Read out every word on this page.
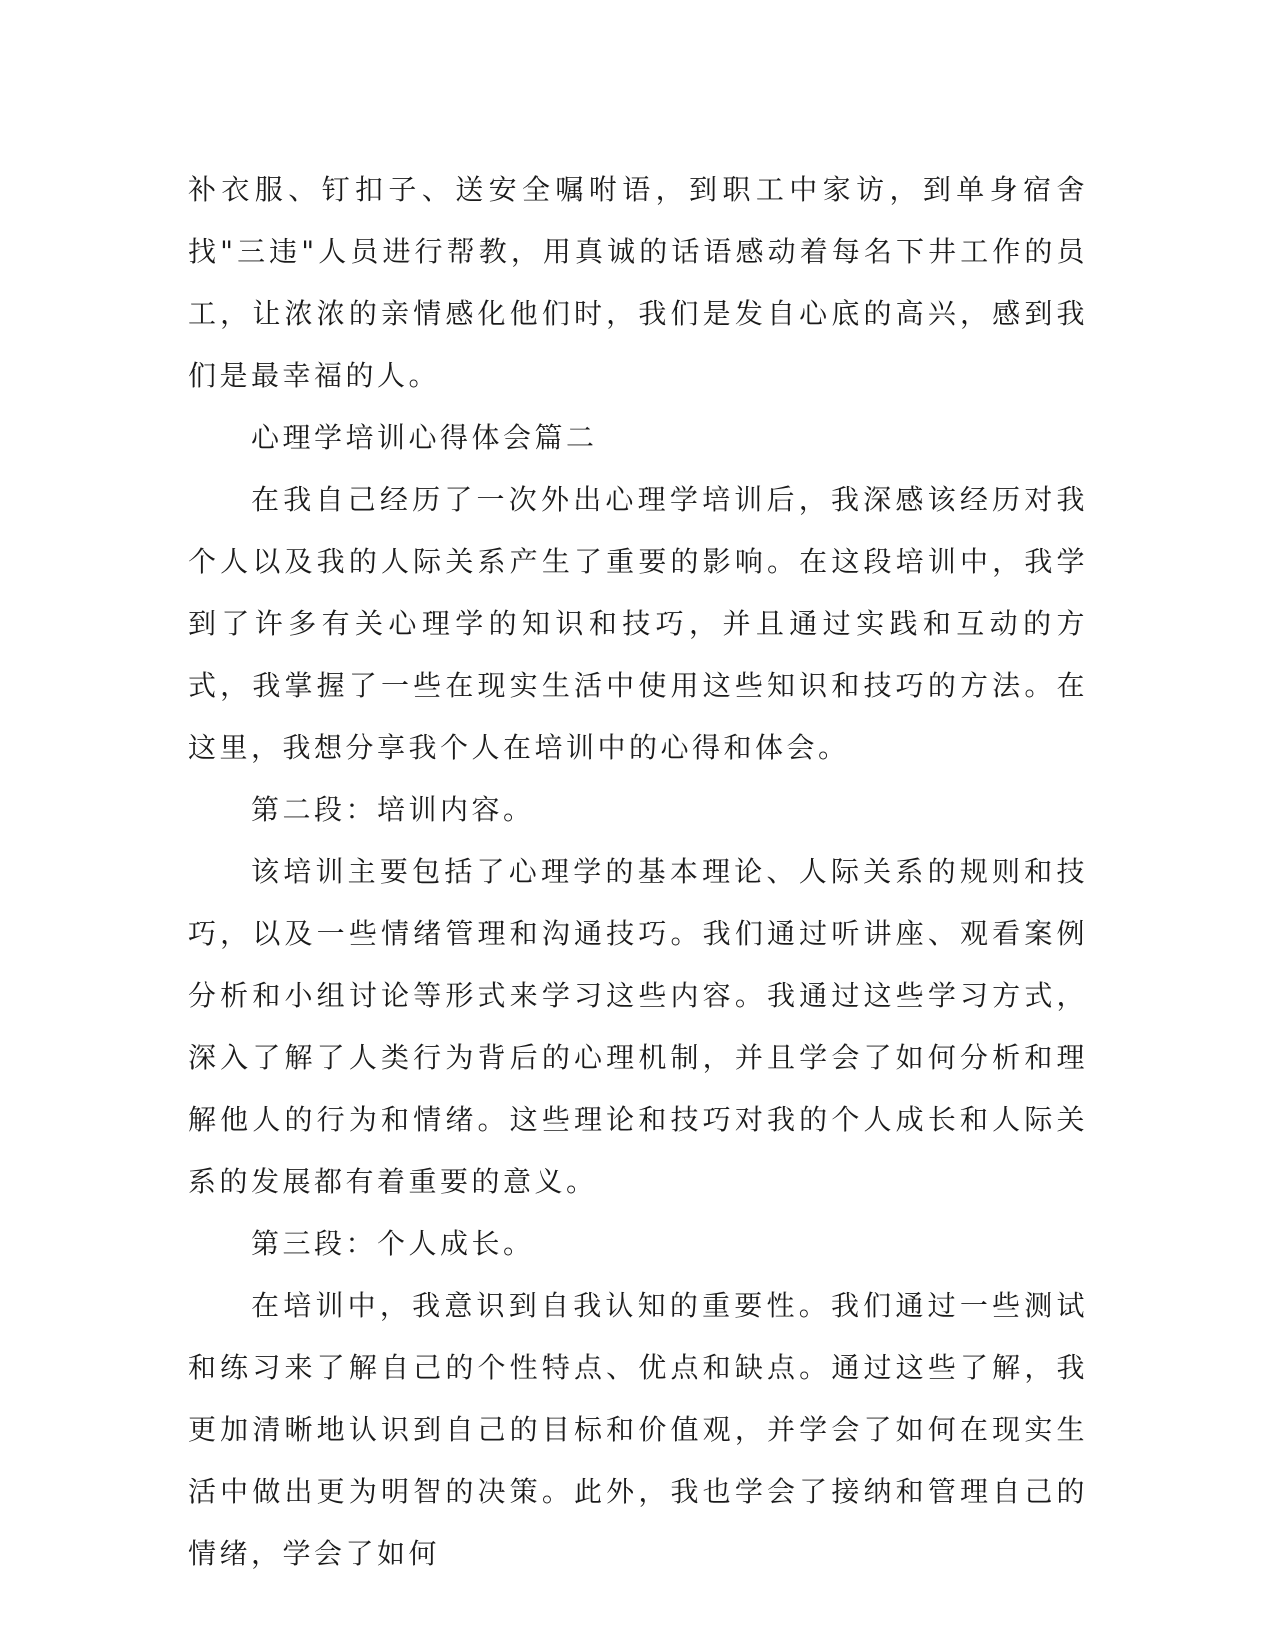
补衣服、钉扣子、送安全嘱咐语，到职工中家访，到单身宿舍找"三违"人员进行帮教，用真诚的话语感动着每名下井工作的员工，让浓浓的亲情感化他们时，我们是发自心底的高兴，感到我们是最幸福的人。

心理学培训心得体会篇二

在我自己经历了一次外出心理学培训后，我深感该经历对我个人以及我的人际关系产生了重要的影响。在这段培训中，我学到了许多有关心理学的知识和技巧，并且通过实践和互动的方式，我掌握了一些在现实生活中使用这些知识和技巧的方法。在这里，我想分享我个人在培训中的心得和体会。

第二段：培训内容。

该培训主要包括了心理学的基本理论、人际关系的规则和技巧，以及一些情绪管理和沟通技巧。我们通过听讲座、观看案例分析和小组讨论等形式来学习这些内容。我通过这些学习方式，深入了解了人类行为背后的心理机制，并且学会了如何分析和理解他人的行为和情绪。这些理论和技巧对我的个人成长和人际关系的发展都有着重要的意义。

第三段：个人成长。

在培训中，我意识到自我认知的重要性。我们通过一些测试和练习来了解自己的个性特点、优点和缺点。通过这些了解，我更加清晰地认识到自己的目标和价值观，并学会了如何在现实生活中做出更为明智的决策。此外，我也学会了接纳和管理自己的情绪，学会了如何
